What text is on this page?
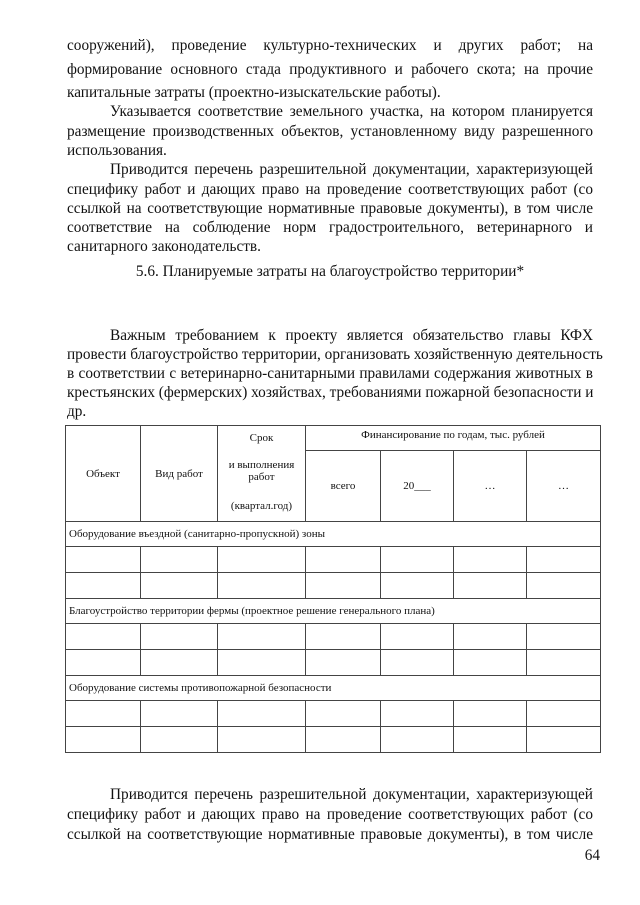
сооружений), проведение культурно-технических и других работ; на
формирование основного стада продуктивного и рабочего скота; на прочие
капитальные затраты (проектно-изыскательские работы).
Указывается соответствие земельного участка, на котором планируется
размещение производственных объектов, установленному виду разрешенного
использования.
Приводится перечень разрешительной документации, характеризующей
специфику работ и дающих право на проведение соответствующих работ (со
ссылкой на соответствующие нормативные правовые документы), в том числе
соответствие на соблюдение норм градостроительного, ветеринарного и
санитарного законодательств.
5.6. Планируемые затраты на благоустройство территории*
Важным требованием к проекту является обязательство главы КФХ
провести благоустройство территории, организовать хозяйственную деятельность
в соответствии с ветеринарно-санитарными правилами содержания животных в
крестьянских (фермерских) хозяйствах, требованиями пожарной безопасности и
др.
Объект	Вид работ	Срок	Финансирование по годам, тыс. рублей			
		и выполнения работ	всего	20___	…	…
		(квартал.год)				
Оборудование въездной (санитарно-пропускной) зоны						

Благоустройство территории фермы (проектное решение генерального плана)						

Оборудование системы противопожарной безопасности						

Приводится перечень разрешительной документации, характеризующей
специфику работ и дающих право на проведение соответствующих работ (со
ссылкой на соответствующие нормативные правовые документы), в том числе
64
